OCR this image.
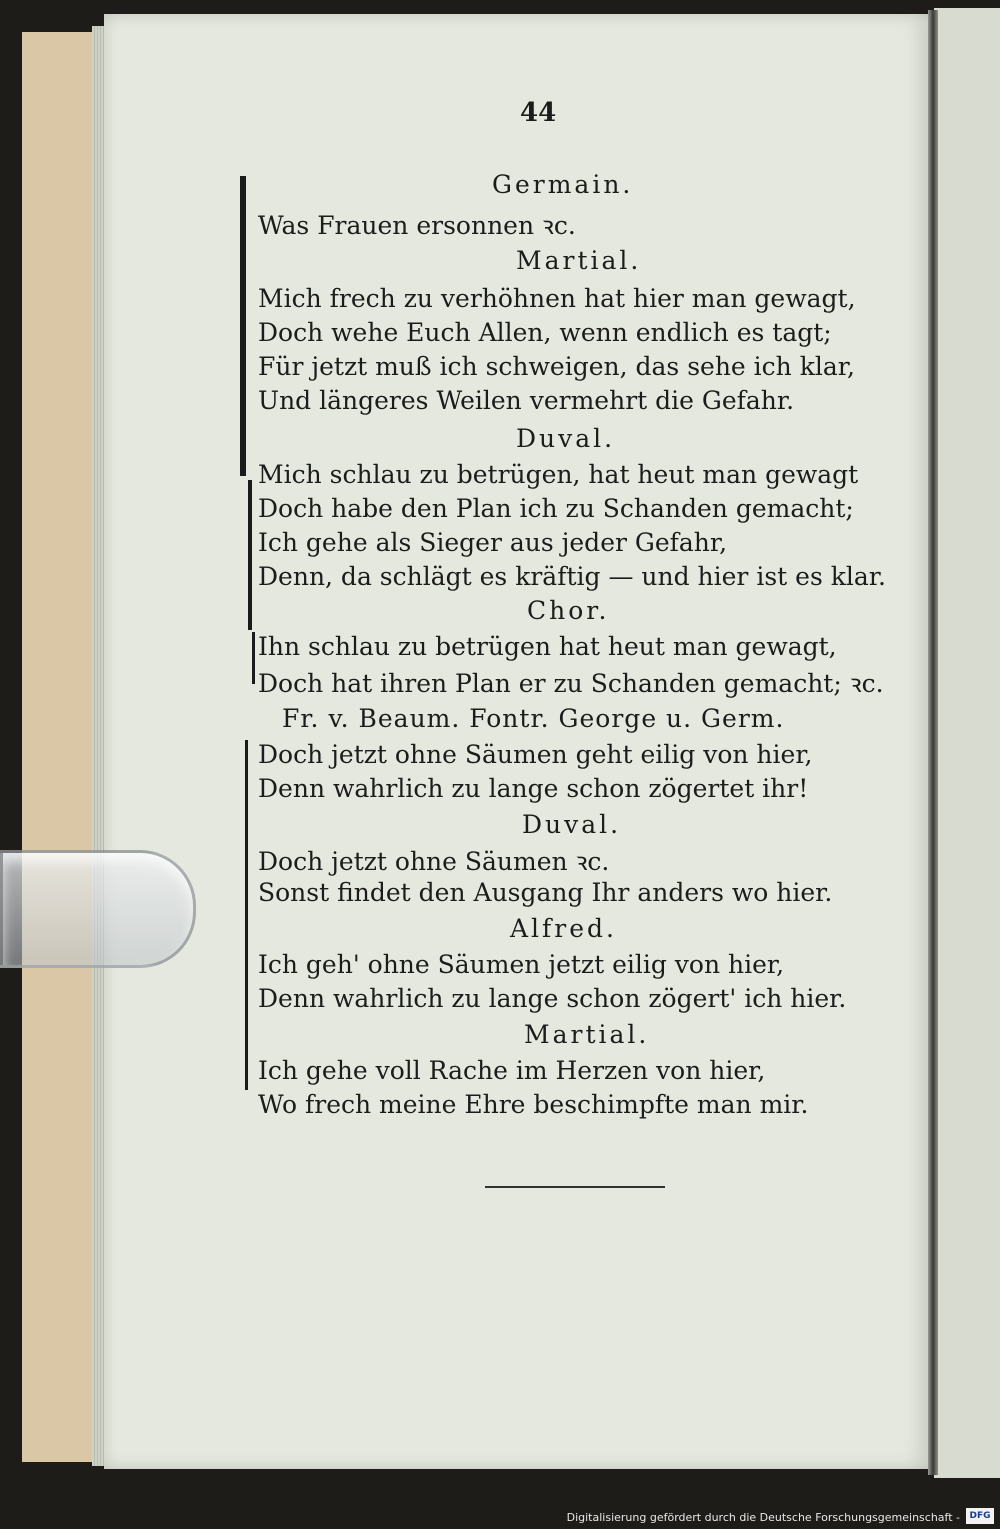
44
Germain.
Was Frauen ersonnen ꝛc.
Martial.
Mich frech zu verhöhnen hat hier man gewagt,
Doch wehe Euch Allen, wenn endlich es tagt;
Für jetzt muß ich schweigen, das sehe ich klar,
Und längeres Weilen vermehrt die Gefahr.
Duval.
Mich schlau zu betrügen, hat heut man gewagt
Doch habe den Plan ich zu Schanden gemacht;
Ich gehe als Sieger aus jeder Gefahr,
Denn, da schlägt es kräftig — und hier ist es klar.
Chor.
Ihn schlau zu betrügen hat heut man gewagt,
Doch hat ihren Plan er zu Schanden gemacht; ꝛc.
Fr. v. Beaum. Fontr. George u. Germ.
Doch jetzt ohne Säumen geht eilig von hier,
Denn wahrlich zu lange schon zögertet ihr!
Duval.
Doch jetzt ohne Säumen ꝛc.
Sonst findet den Ausgang Ihr anders wo hier.
Alfred.
Ich geh' ohne Säumen jetzt eilig von hier,
Denn wahrlich zu lange schon zögert' ich hier.
Martial.
Ich gehe voll Rache im Herzen von hier,
Wo frech meine Ehre beschimpfte man mir.
Digitalisierung gefördert durch die Deutsche Forschungsgemeinschaft -	DFG
